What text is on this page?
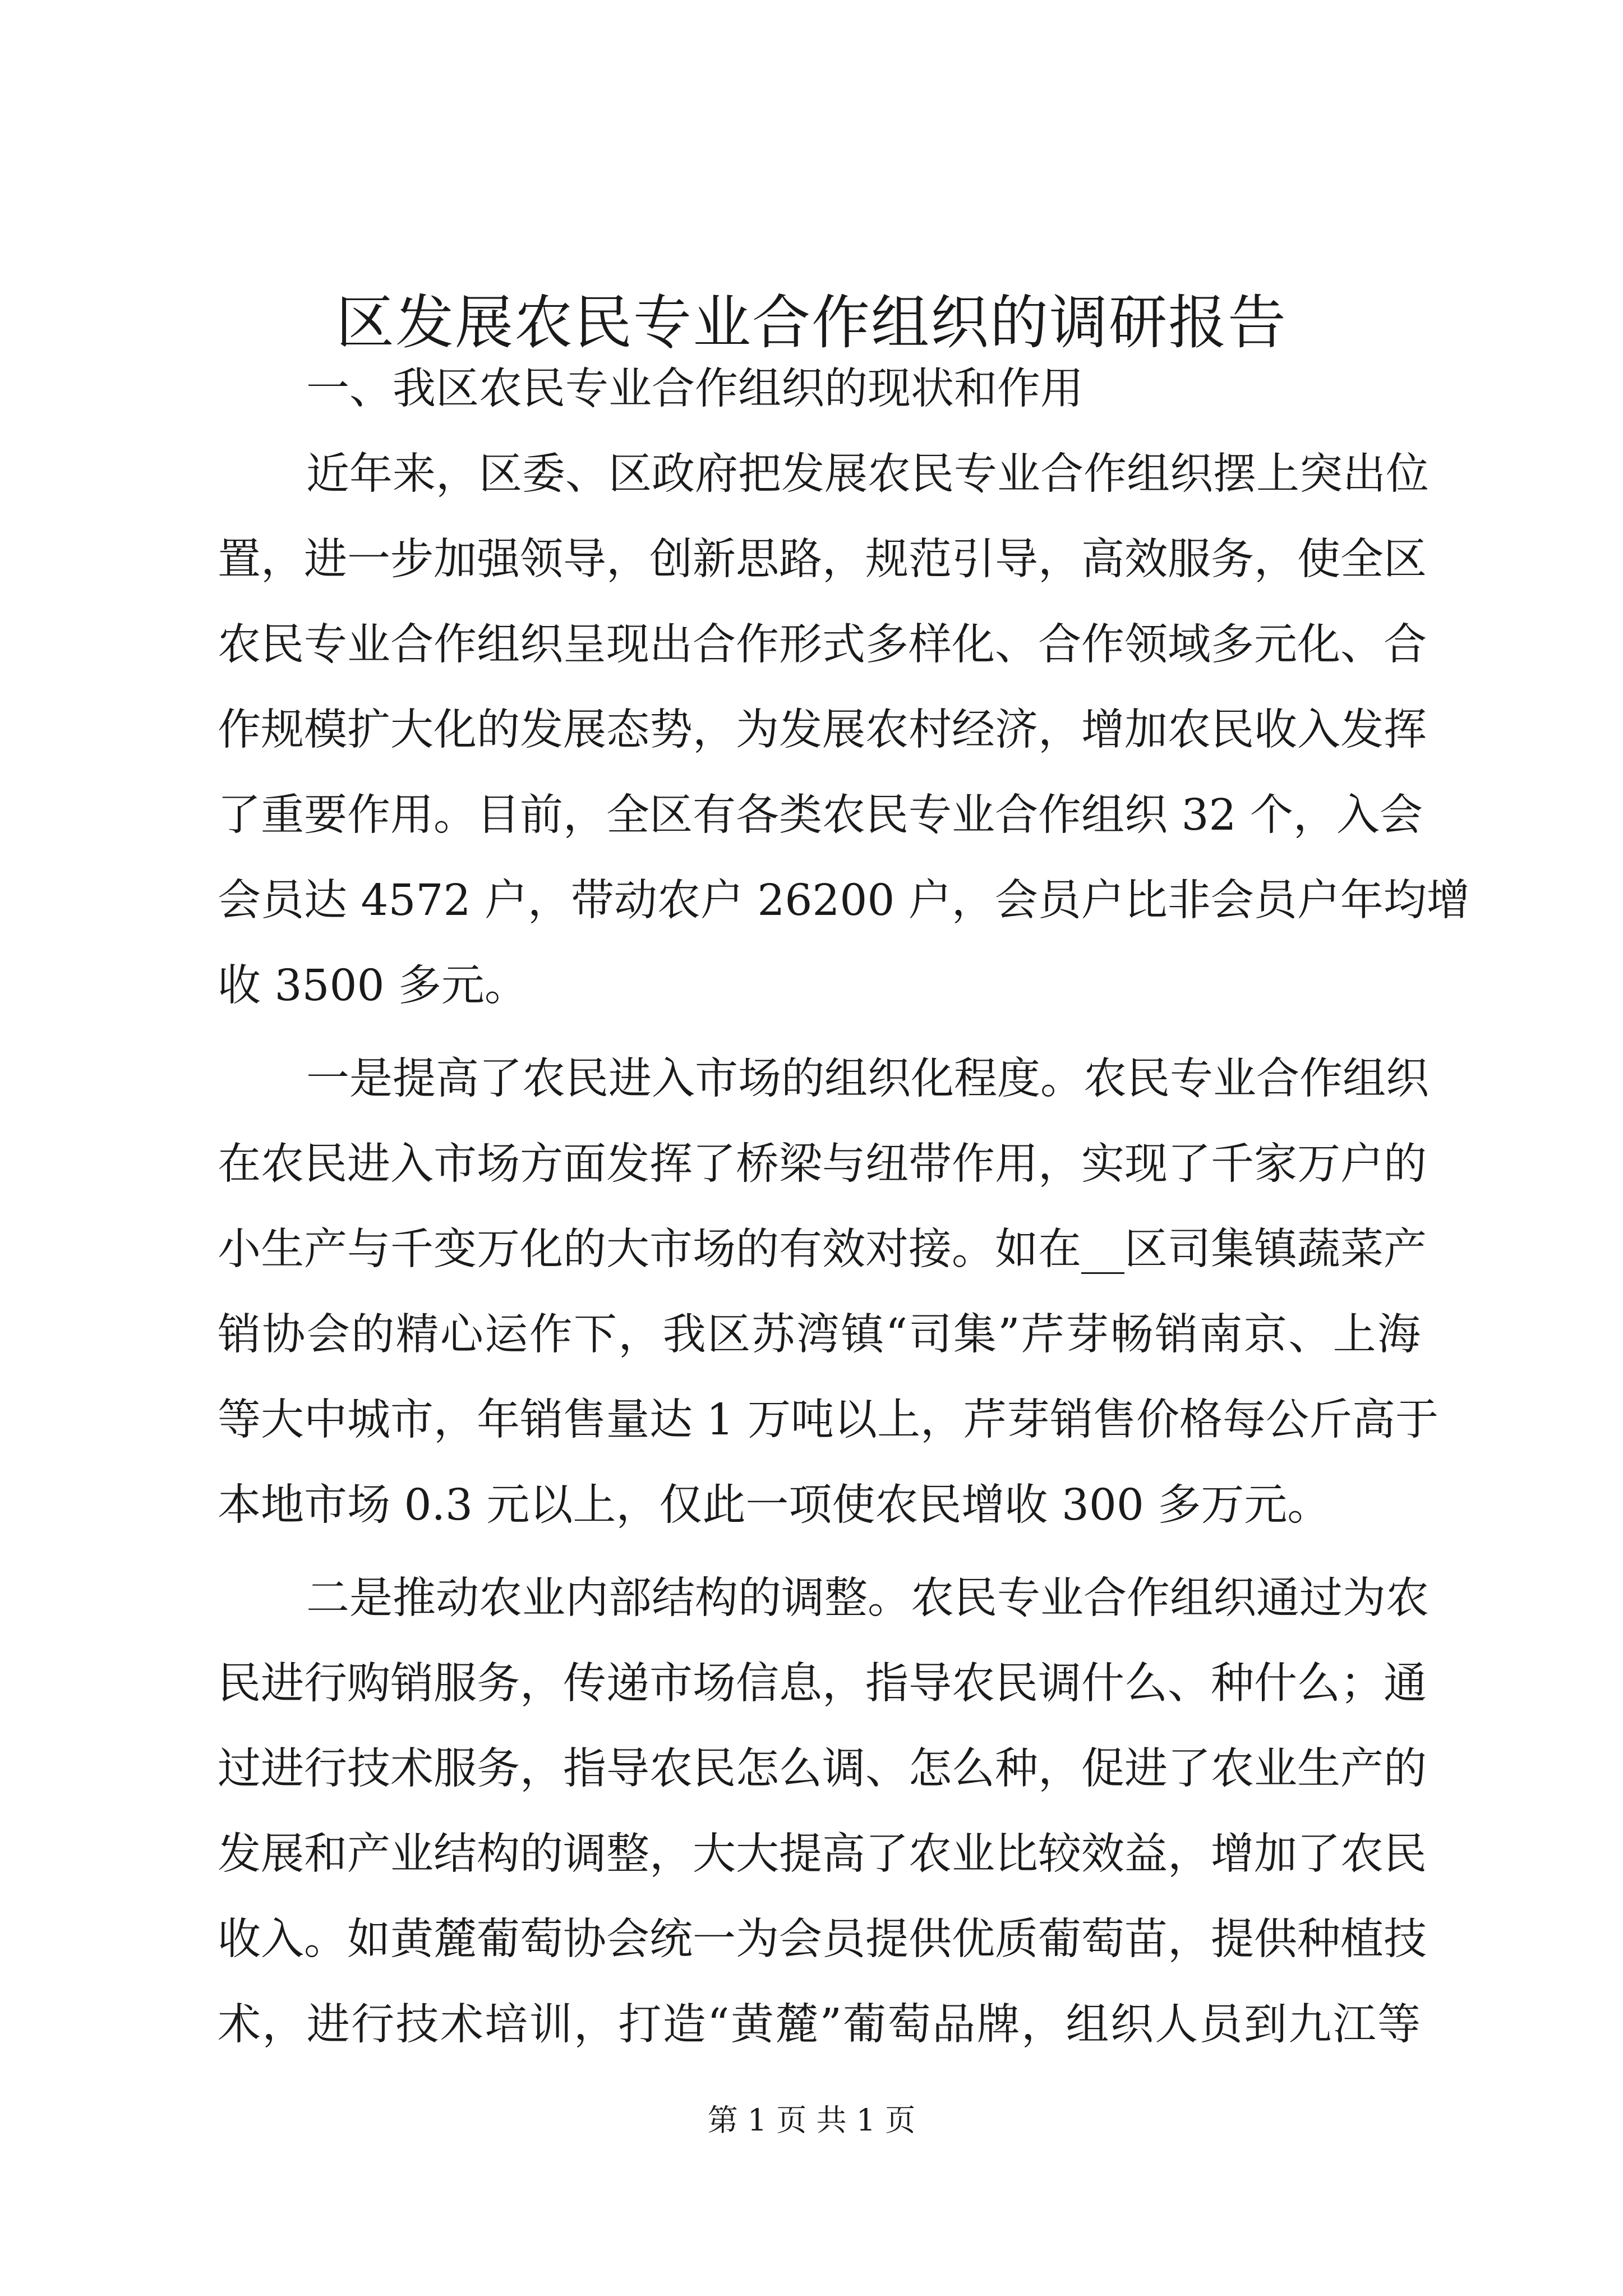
区发展农民专业合作组织的调研报告
一、我区农民专业合作组织的现状和作用
近年来，区委、区政府把发展农民专业合作组织摆上突出位
置，进一步加强领导，创新思路，规范引导，高效服务，使全区
农民专业合作组织呈现出合作形式多样化、合作领域多元化、合
作规模扩大化的发展态势，为发展农村经济，增加农民收入发挥
了重要作用。目前，全区有各类农民专业合作组织 32 个，入会
会员达 4572 户，带动农户 26200 户，会员户比非会员户年均增
收 3500 多元。
一是提高了农民进入市场的组织化程度。农民专业合作组织
在农民进入市场方面发挥了桥梁与纽带作用，实现了千家万户的
小生产与千变万化的大市场的有效对接。如在__区司集镇蔬菜产
销协会的精心运作下，我区苏湾镇“司集”芹芽畅销南京、上海
等大中城市，年销售量达 1 万吨以上，芹芽销售价格每公斤高于
本地市场 0.3 元以上，仅此一项使农民增收 300 多万元。
二是推动农业内部结构的调整。农民专业合作组织通过为农
民进行购销服务，传递市场信息，指导农民调什么、种什么；通
过进行技术服务，指导农民怎么调、怎么种，促进了农业生产的
发展和产业结构的调整，大大提高了农业比较效益，增加了农民
收入。如黄麓葡萄协会统一为会员提供优质葡萄苗，提供种植技
术，进行技术培训，打造“黄麓”葡萄品牌，组织人员到九江等
第 1 页 共 1 页
